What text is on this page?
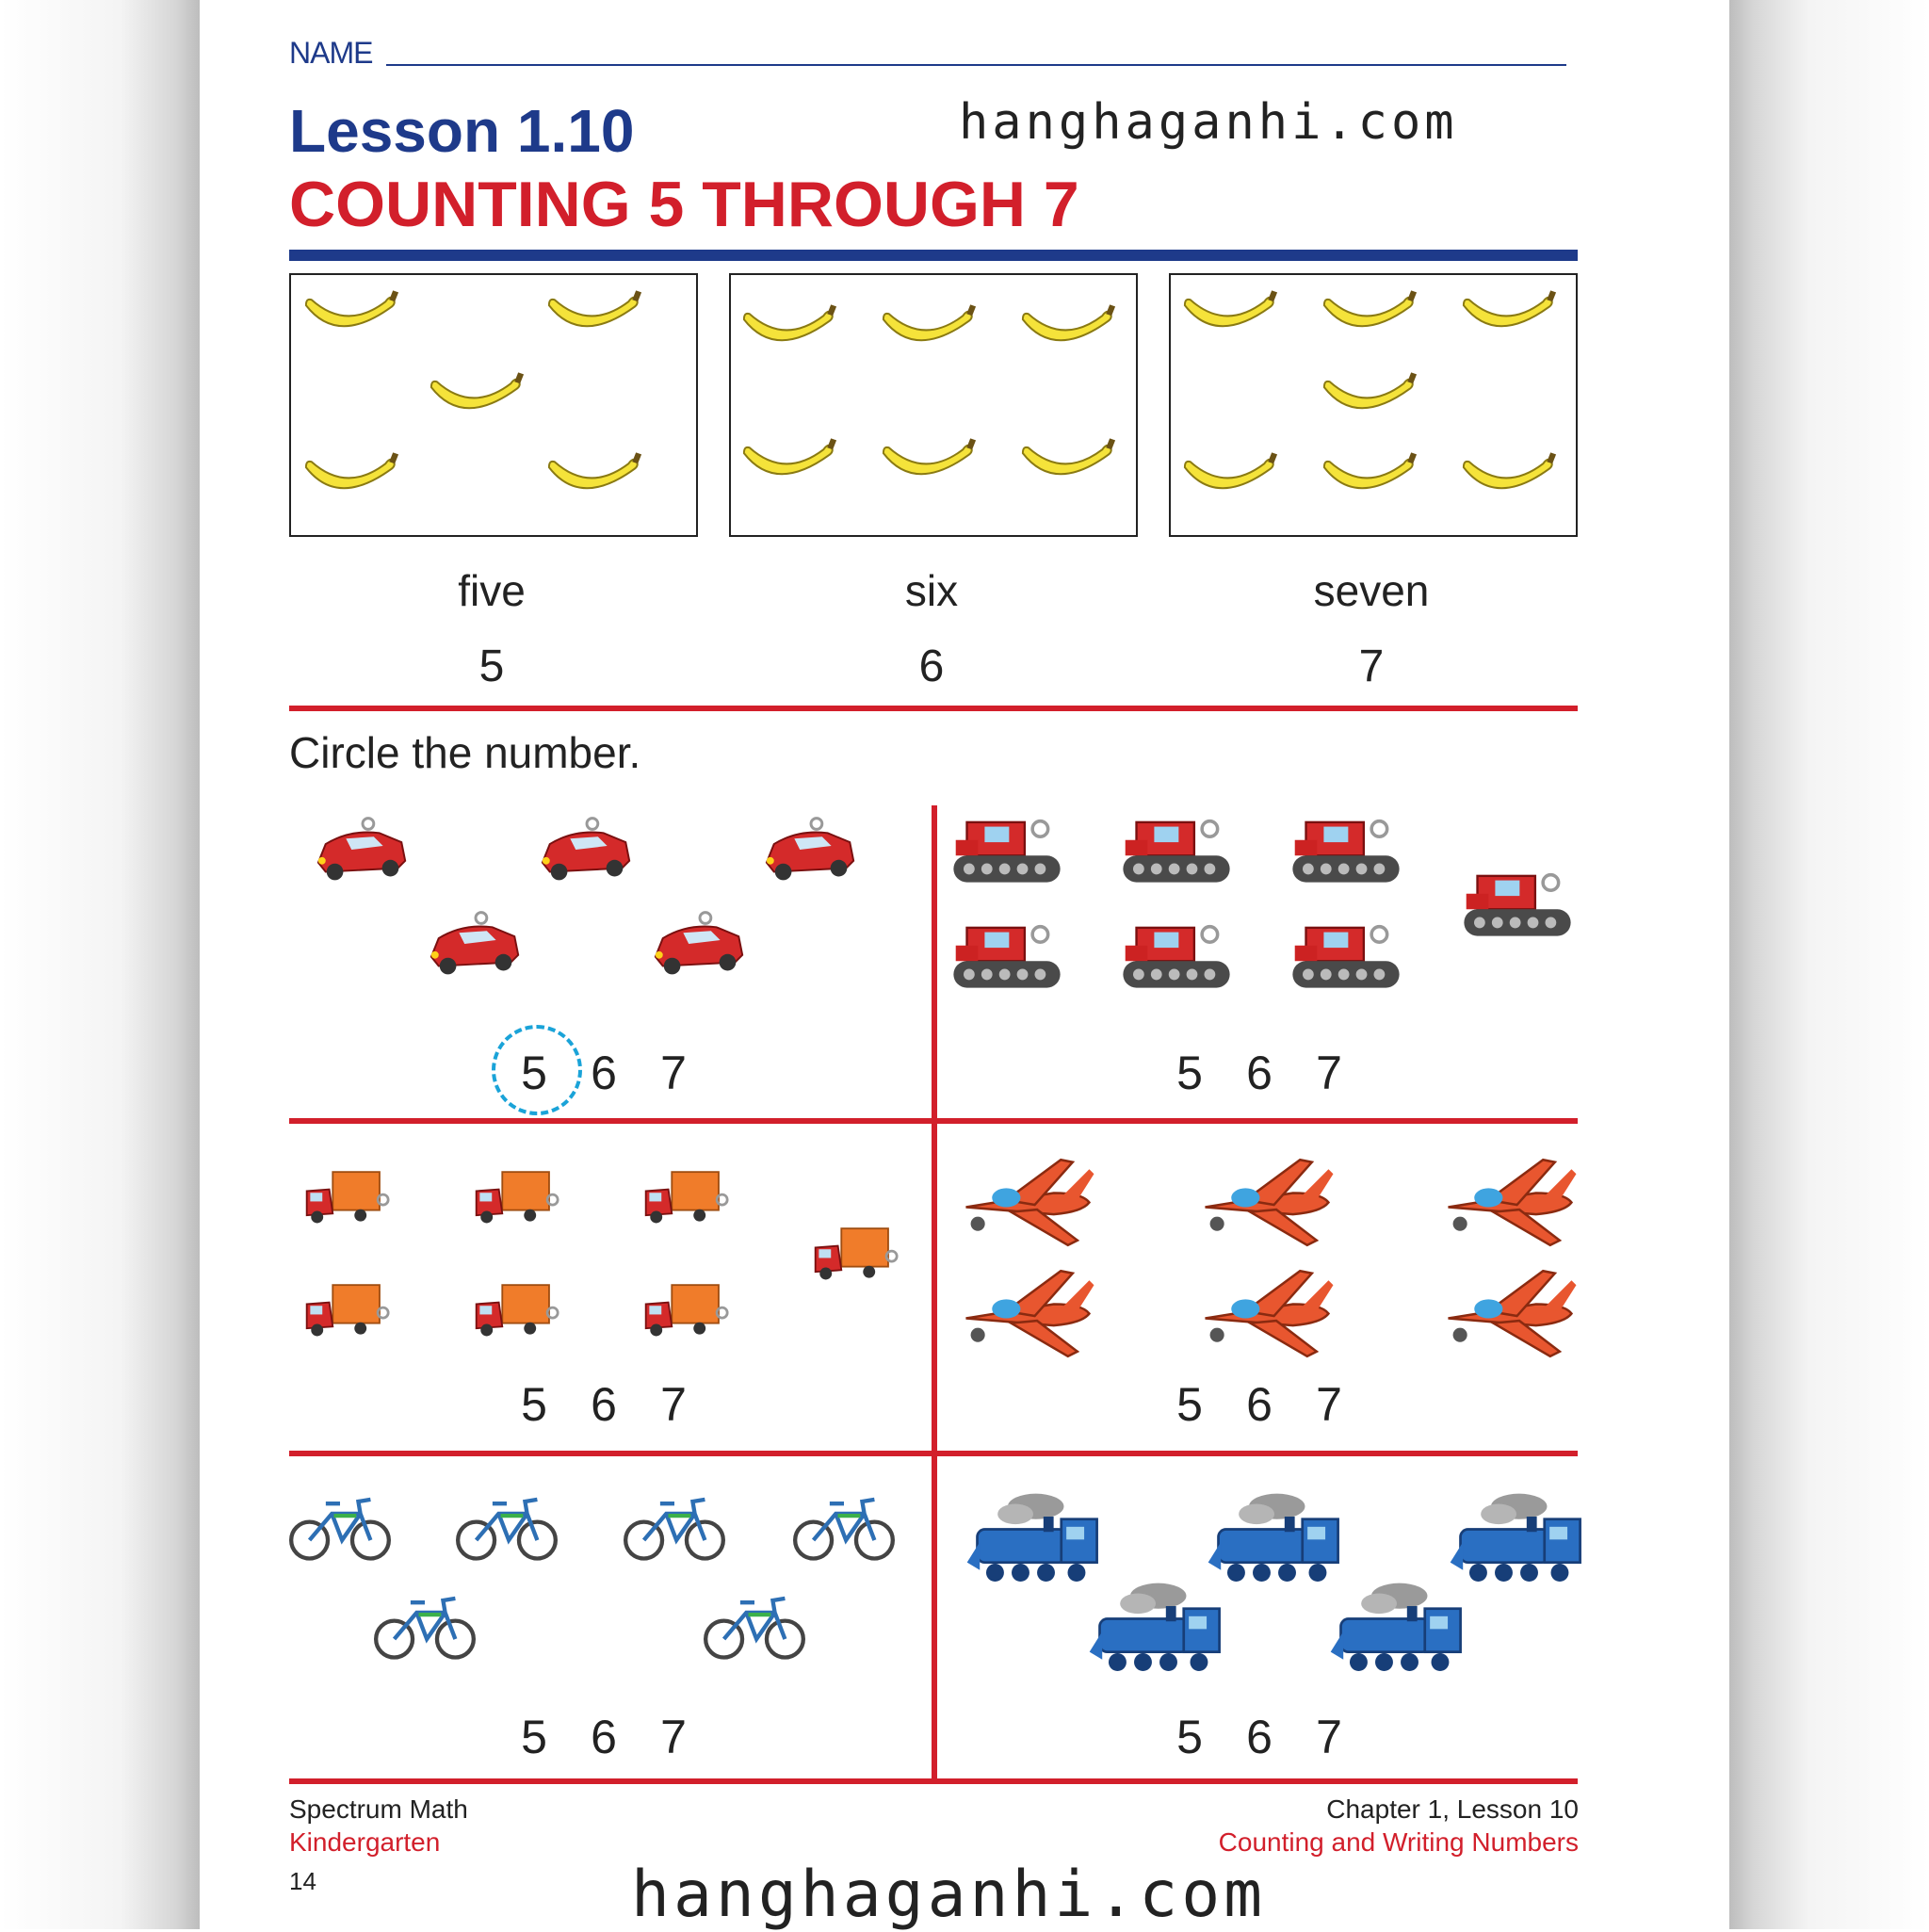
NAME
Lesson 1.10
COUNTING 5 THROUGH 7
hanghaganhi.com
five	six	seven
5	6	7
Circle the number.
5 6 7	5 6 7
5 6 7	5 6 7
5 6 7	5 6 7
Spectrum Math
Kindergarten
14
Chapter 1, Lesson 10
Counting and Writing Numbers
hanghaganhi.com
